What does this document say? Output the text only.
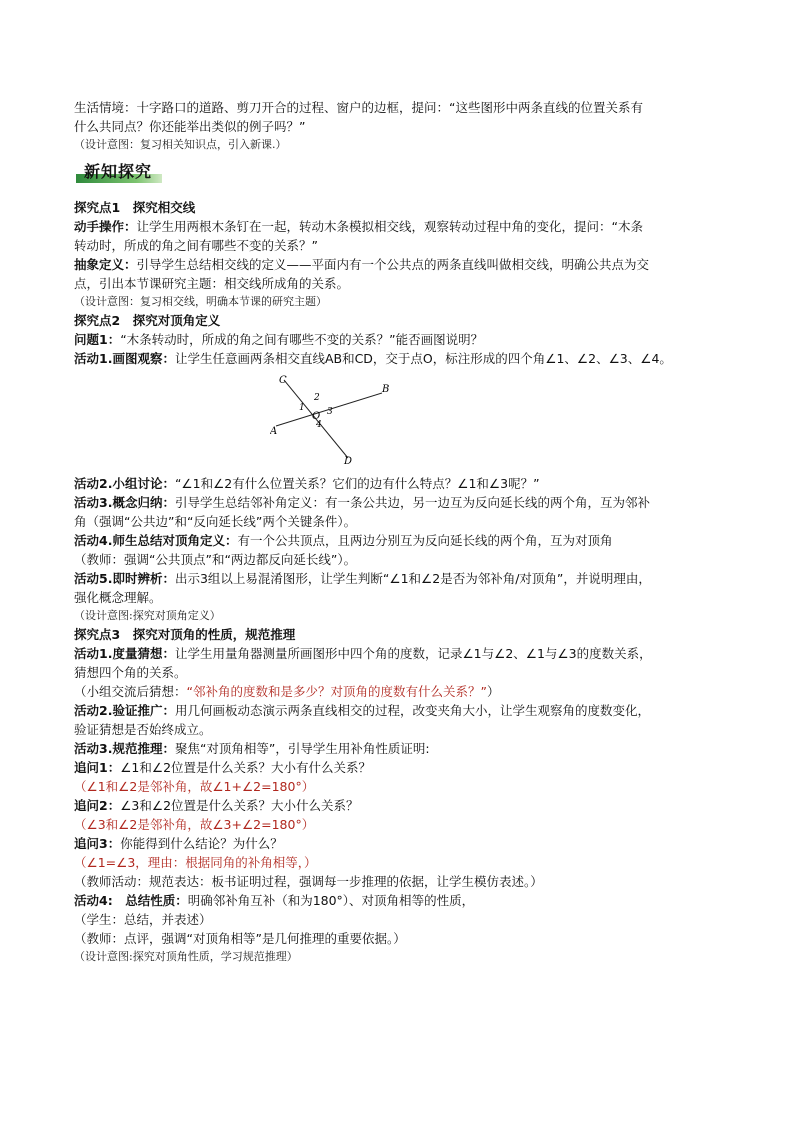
生活情境：十字路口的道路、剪刀开合的过程、窗户的边框，提问：“这些图形中两条直线的位置关系有

什么共同点？你还能举出类似的例子吗？”

（设计意图：复习相关知识点，引入新课.）

新知探究

探究点1　探究相交线

动手操作：让学生用两根木条钉在一起，转动木条模拟相交线，观察转动过程中角的变化，提问：“木条

转动时，所成的角之间有哪些不变的关系？”

抽象定义：引导学生总结相交线的定义——平面内有一个公共点的两条直线叫做相交线，明确公共点为交

点，引出本节课研究主题：相交线所成角的关系。

（设计意图：复习相交线，明确本节课的研究主题）

探究点2　探究对顶角定义

问题1：“木条转动时，所成的角之间有哪些不变的关系？”能否画图说明？

活动1.画图观察：让学生任意画两条相交直线AB和CD，交于点O，标注形成的四个角∠1、∠2、∠3、∠4。

C
B
A
D
O
1
2
3
4

活动2.小组讨论：“∠1和∠2有什么位置关系？它们的边有什么特点？∠1和∠3呢？”

活动3.概念归纳：引导学生总结邻补角定义：有一条公共边，另一边互为反向延长线的两个角，互为邻补

角（强调“公共边”和“反向延长线”两个关键条件）。

活动4.师生总结对顶角定义：有一个公共顶点，且两边分别互为反向延长线的两个角，互为对顶角

（教师：强调“公共顶点”和“两边都反向延长线”）。

活动5.即时辨析：出示3组以上易混淆图形，让学生判断“∠1和∠2是否为邻补角/对顶角”，并说明理由，

强化概念理解。

（设计意图:探究对顶角定义）

探究点3　探究对顶角的性质，规范推理

活动1.度量猜想：让学生用量角器测量所画图形中四个角的度数，记录∠1与∠2、∠1与∠3的度数关系，

猜想四个角的关系。

（小组交流后猜想：“邻补角的度数和是多少？对顶角的度数有什么关系？”）

活动2.验证推广：用几何画板动态演示两条直线相交的过程，改变夹角大小，让学生观察角的度数变化，

验证猜想是否始终成立。

活动3.规范推理：聚焦“对顶角相等”，引导学生用补角性质证明:

追问1：∠1和∠2位置是什么关系？大小有什么关系？

（∠1和∠2是邻补角，故∠1+∠2=180°）

追问2：∠3和∠2位置是什么关系？大小什么关系？

（∠3和∠2是邻补角，故∠3+∠2=180°）

追问3：你能得到什么结论？为什么？

（∠1=∠3，理由：根据同角的补角相等，）

（教师活动：规范表达：板书证明过程，强调每一步推理的依据，让学生模仿表述。）

活动4:　总结性质：明确邻补角互补（和为180°）、对顶角相等的性质，

（学生：总结，并表述）

（教师：点评，强调“对顶角相等”是几何推理的重要依据。）

（设计意图:探究对顶角性质，学习规范推理）
